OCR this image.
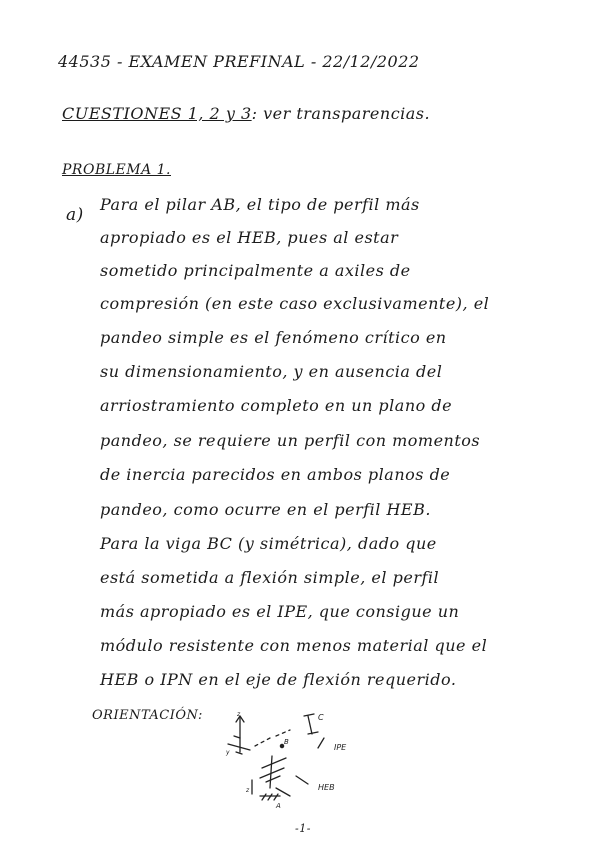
44535 - EXAMEN PREFINAL - 22/12/2022
CUESTIONES 1, 2 y 3: ver transparencias.
PROBLEMA 1.
a)
Para el pilar AB, el tipo de perfil más
apropiado es el HEB, pues al estar
sometido principalmente a axiles de
compresión (en este caso exclusivamente), el
pandeo simple es el fenómeno crítico en
su dimensionamiento, y en ausencia del
arriostramiento completo en un plano de
pandeo, se requiere un perfil con momentos
de inercia parecidos en ambos planos de
pandeo, como ocurre en el perfil HEB.
Para la viga BC (y simétrica), dado que
está sometida a flexión simple, el perfil
más apropiado es el IPE, que consigue un
módulo resistente con menos material que el
HEB o IPN en el eje de flexión requerido.
ORIENTACIÓN:	C
IPE
HEB
B
A
z
z
y
-1-
